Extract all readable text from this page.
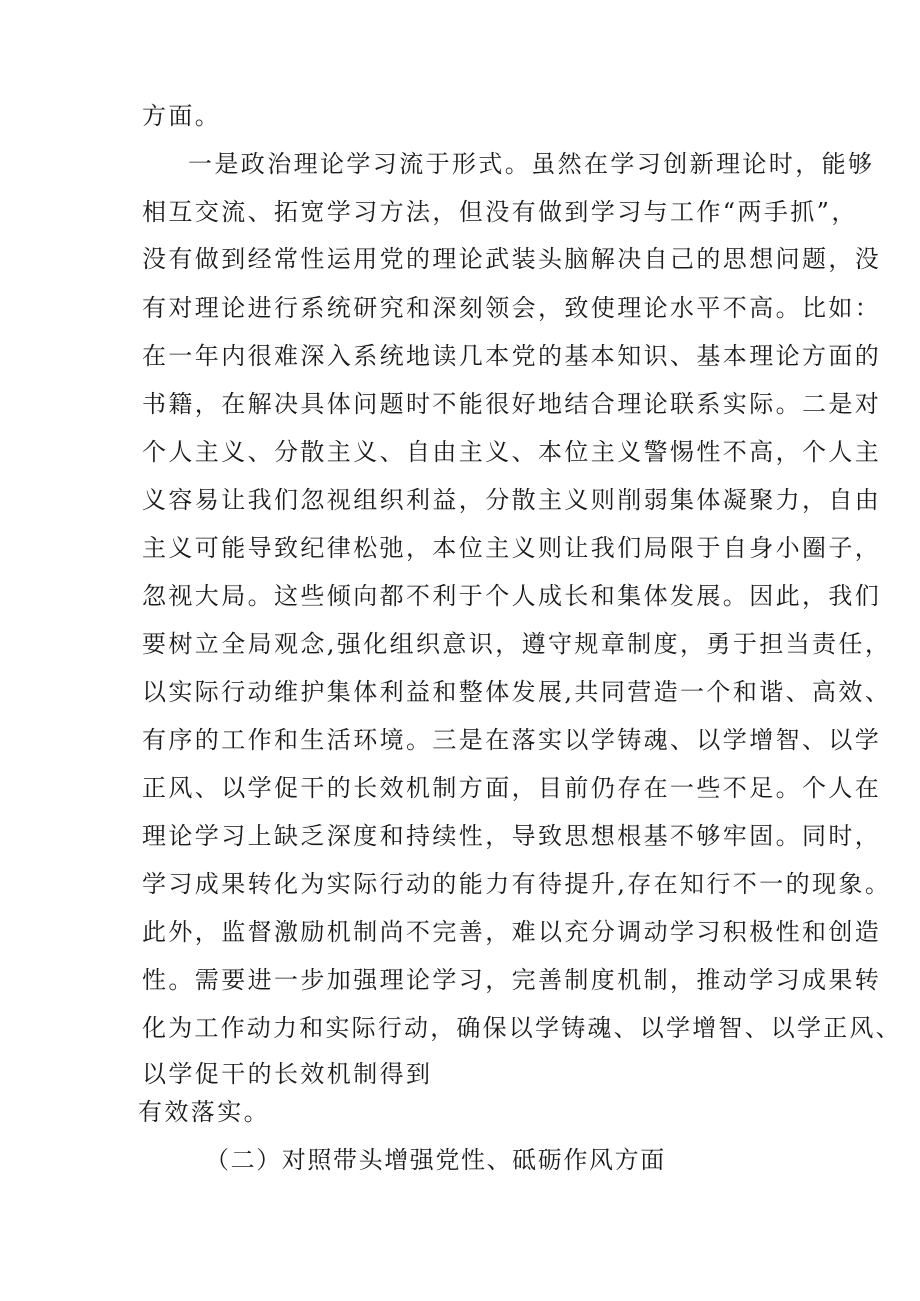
方面。
一是政治理论学习流于形式。虽然在学习创新理论时，能够
相互交流、拓宽学习方法，但没有做到学习与工作“两手抓”，
没有做到经常性运用党的理论武装头脑解决自己的思想问题，没
有对理论进行系统研究和深刻领会，致使理论水平不高。比如：
在一年内很难深入系统地读几本党的基本知识、基本理论方面的
书籍，在解决具体问题时不能很好地结合理论联系实际。二是对
个人主义、分散主义、自由主义、本位主义警惕性不高，个人主
义容易让我们忽视组织利益，分散主义则削弱集体凝聚力，自由
主义可能导致纪律松弛，本位主义则让我们局限于自身小圈子，
忽视大局。这些倾向都不利于个人成长和集体发展。因此，我们
要树立全局观念,强化组织意识，遵守规章制度，勇于担当责任，
以实际行动维护集体利益和整体发展,共同营造一个和谐、高效、
有序的工作和生活环境。三是在落实以学铸魂、以学增智、以学
正风、以学促干的长效机制方面，目前仍存在一些不足。个人在
理论学习上缺乏深度和持续性，导致思想根基不够牢固。同时，
学习成果转化为实际行动的能力有待提升,存在知行不一的现象。
此外，监督激励机制尚不完善，难以充分调动学习积极性和创造
性。需要进一步加强理论学习，完善制度机制，推动学习成果转
化为工作动力和实际行动，确保以学铸魂、以学增智、以学正风、
以学促干的长效机制得到
有效落实。
（二）对照带头增强党性、砥砺作风方面
